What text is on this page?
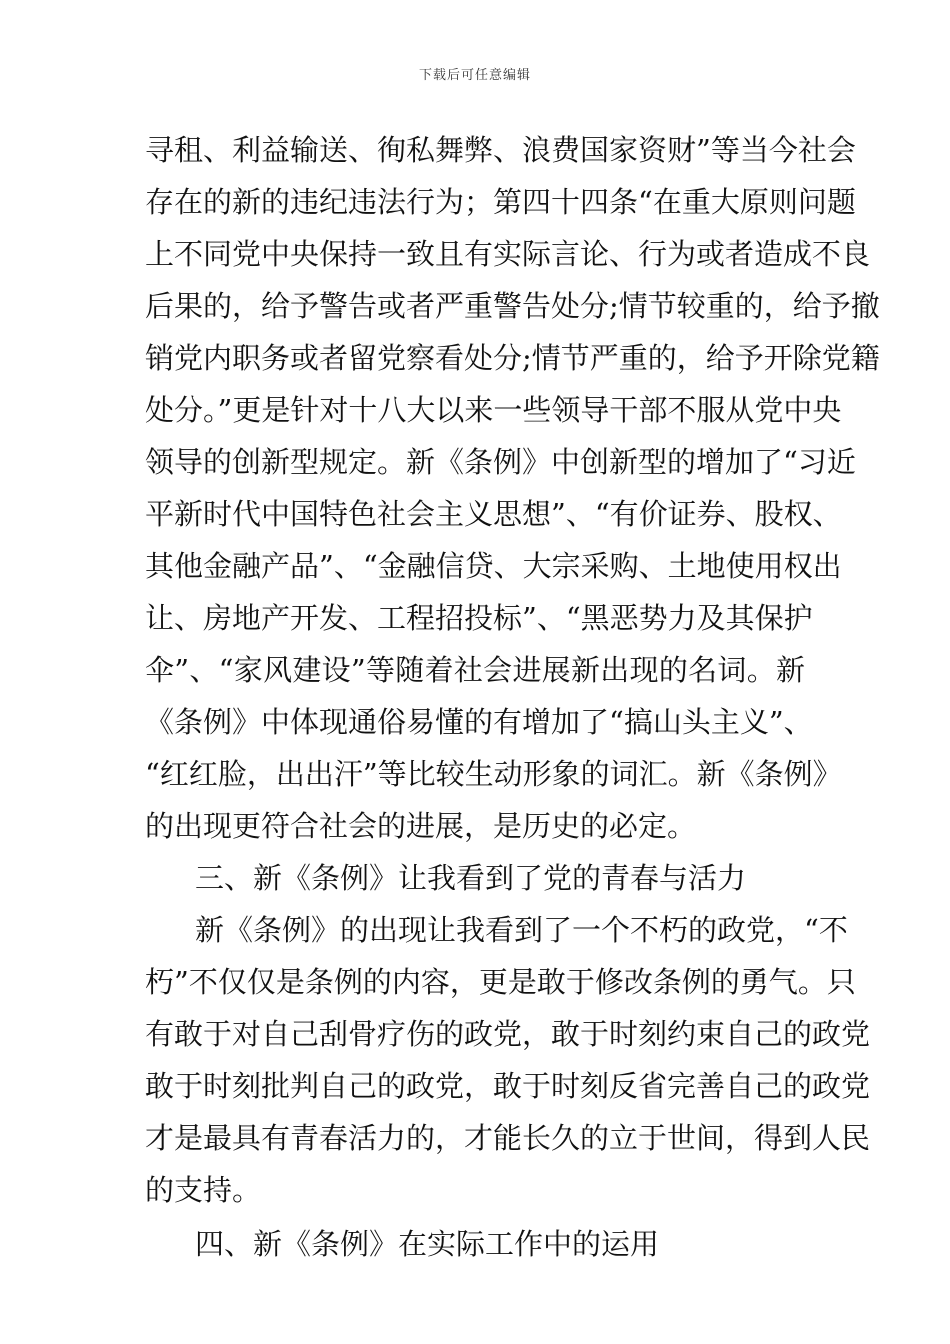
下载后可任意编辑
寻租、利益输送、徇私舞弊、浪费国家资财”等当今社会
存在的新的违纪违法行为；第四十四条“在重大原则问题
上不同党中央保持一致且有实际言论、行为或者造成不良
后果的，给予警告或者严重警告处分;情节较重的，给予撤
销党内职务或者留党察看处分;情节严重的，给予开除党籍
处分。”更是针对十八大以来一些领导干部不服从党中央
领导的创新型规定。新《条例》中创新型的增加了“习近
平新时代中国特色社会主义思想”、“有价证券、股权、
其他金融产品”、“金融信贷、大宗采购、土地使用权出
让、房地产开发、工程招投标”、“黑恶势力及其保护
伞”、“家风建设”等随着社会进展新出现的名词。新
《条例》中体现通俗易懂的有增加了“搞山头主义”、
“红红脸，出出汗”等比较生动形象的词汇。新《条例》
的出现更符合社会的进展，是历史的必定。
三、新《条例》让我看到了党的青春与活力
新《条例》的出现让我看到了一个不朽的政党，“不
朽”不仅仅是条例的内容，更是敢于修改条例的勇气。只
有敢于对自己刮骨疗伤的政党，敢于时刻约束自己的政党
敢于时刻批判自己的政党，敢于时刻反省完善自己的政党
才是最具有青春活力的，才能长久的立于世间，得到人民
的支持。
四、新《条例》在实际工作中的运用
